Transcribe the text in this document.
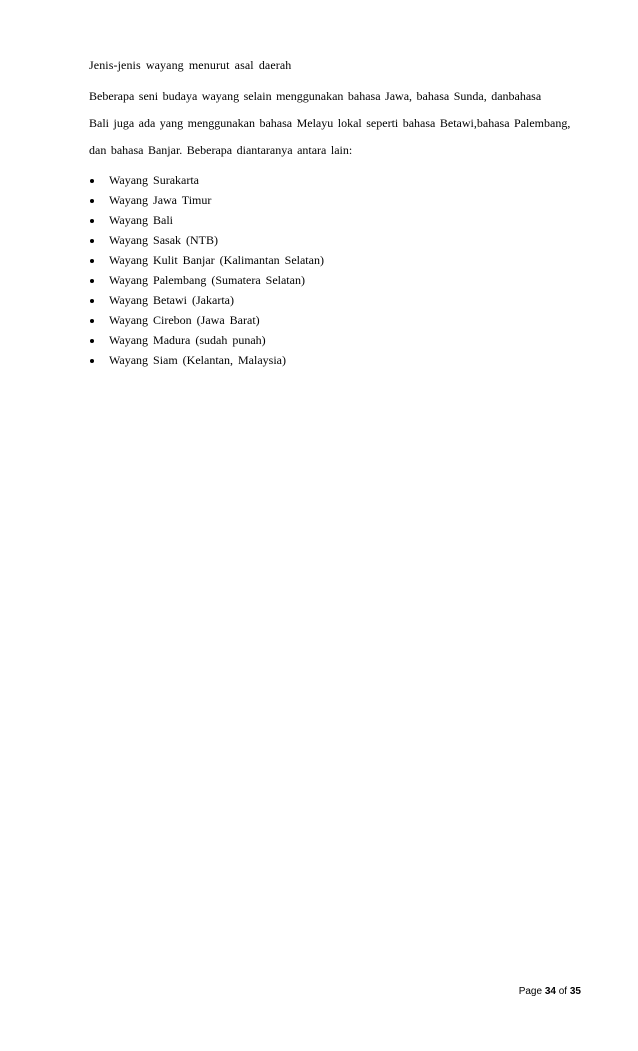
Jenis-jenis wayang menurut asal daerah
Beberapa seni budaya wayang selain menggunakan bahasa Jawa, bahasa Sunda, danbahasa
Bali juga ada yang menggunakan bahasa Melayu lokal seperti bahasa Betawi,bahasa Palembang,
dan bahasa Banjar. Beberapa diantaranya antara lain:
Wayang Surakarta
Wayang Jawa Timur
Wayang Bali
Wayang Sasak (NTB)
Wayang Kulit Banjar (Kalimantan Selatan)
Wayang Palembang (Sumatera Selatan)
Wayang Betawi (Jakarta)
Wayang Cirebon (Jawa Barat)
Wayang Madura (sudah punah)
Wayang Siam (Kelantan, Malaysia)
Page 34 of 35
